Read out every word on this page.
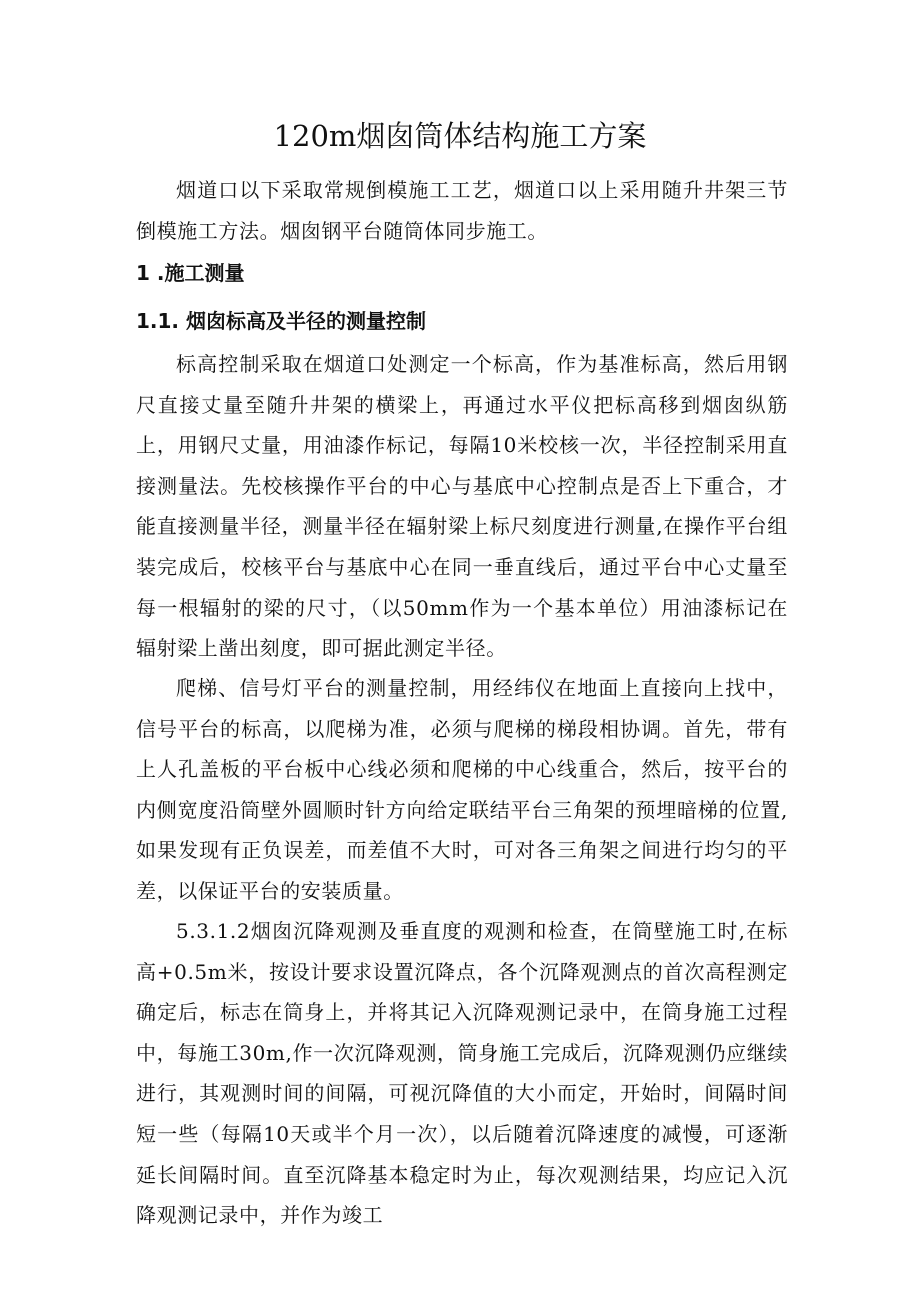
120m烟囱筒体结构施工方案

烟道口以下采取常规倒模施工工艺，烟道口以上采用随升井架三节倒模施工方法。烟囱钢平台随筒体同步施工。

1 .施工测量
1.1. 烟囱标高及半径的测量控制

标高控制采取在烟道口处测定一个标高，作为基准标高，然后用钢尺直接丈量至随升井架的横梁上，再通过水平仪把标高移到烟囱纵筋上，用钢尺丈量，用油漆作标记，每隔10米校核一次，半径控制采用直接测量法。先校核操作平台的中心与基底中心控制点是否上下重合，才能直接测量半径，测量半径在辐射梁上标尺刻度进行测量,在操作平台组装完成后，校核平台与基底中心在同一垂直线后，通过平台中心丈量至每一根辐射的梁的尺寸，（以50mm作为一个基本单位）用油漆标记在辐射梁上凿出刻度，即可据此测定半径。

爬梯、信号灯平台的测量控制，用经纬仪在地面上直接向上找中，信号平台的标高，以爬梯为准，必须与爬梯的梯段相协调。首先，带有上人孔盖板的平台板中心线必须和爬梯的中心线重合，然后，按平台的内侧宽度沿筒壁外圆顺时针方向给定联结平台三角架的预埋暗梯的位置,如果发现有正负误差，而差值不大时，可对各三角架之间进行均匀的平差，以保证平台的安装质量。

5.3.1.2烟囱沉降观测及垂直度的观测和检查，在筒壁施工时,在标高+0.5m米，按设计要求设置沉降点，各个沉降观测点的首次高程测定确定后，标志在筒身上，并将其记入沉降观测记录中，在筒身施工过程中，每施工30m,作一次沉降观测，筒身施工完成后，沉降观测仍应继续进行，其观测时间的间隔，可视沉降值的大小而定，开始时，间隔时间短一些（每隔10天或半个月一次），以后随着沉降速度的减慢，可逐渐延长间隔时间。直至沉降基本稳定时为止，每次观测结果，均应记入沉降观测记录中，并作为竣工
